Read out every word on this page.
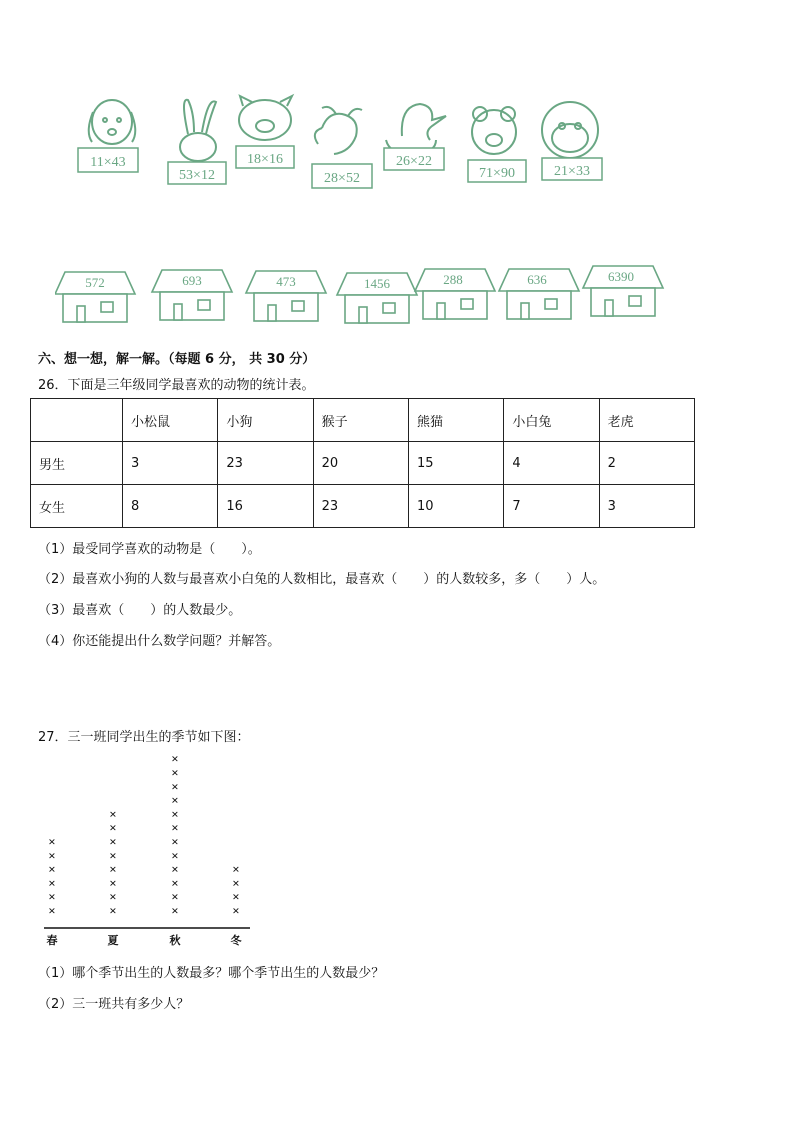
11×43
53×12
18×16
28×52
26×22
71×90	21×33
572	693	473	1456	288	636	6390
六、想一想，解一解。（每题 6 分， 共 30 分）
26．下面是三年级同学最喜欢的动物的统计表。
	小松鼠	小狗	猴子	熊猫	小白兔	老虎
男生	3	23	20	15	4	2
女生	8	16	23	10	7	3
（1）最受同学喜欢的动物是（　　）。
（2）最喜欢小狗的人数与最喜欢小白兔的人数相比，最喜欢（　　）的人数较多，多（　　）人。
（3）最喜欢（　　）的人数最少。
（4）你还能提出什么数学问题？并解答。
27．三一班同学出生的季节如下图：
×
×
×
×
×
×
春
×
×
×
×
×
×
×
×
夏
×
×
×
×
×
×
×
×
×
×
×
×
秋
×
×
×
×
冬
（1）哪个季节出生的人数最多？哪个季节出生的人数最少？
（2）三一班共有多少人？
